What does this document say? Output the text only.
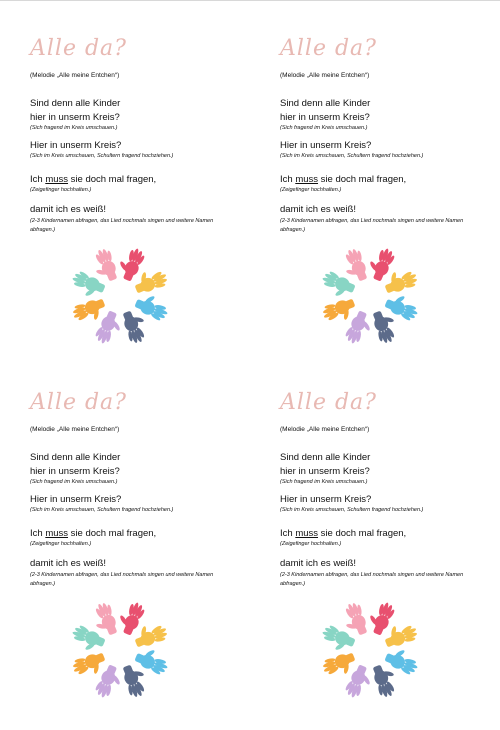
Alle da?
(Melodie „Alle meine Entchen“)
Sind denn alle Kinder
hier in unserm Kreis?
(Sich fragend im Kreis umschauen.)
Hier in unserm Kreis?
(Sich im Kreis umschauen, Schultern fragend hochziehen.)
Ich muss sie doch mal fragen,
(Zeigefinger hochhalten.)
damit ich es weiß!
(2-3 Kindernamen abfragen, das Lied nochmals singen und weitere Namen abfragen.)
Alle da?
(Melodie „Alle meine Entchen“)
Sind denn alle Kinder
hier in unserm Kreis?
(Sich fragend im Kreis umschauen.)
Hier in unserm Kreis?
(Sich im Kreis umschauen, Schultern fragend hochziehen.)
Ich muss sie doch mal fragen,
(Zeigefinger hochhalten.)
damit ich es weiß!
(2-3 Kindernamen abfragen, das Lied nochmals singen und weitere Namen abfragen.)
Alle da?
(Melodie „Alle meine Entchen“)
Sind denn alle Kinder
hier in unserm Kreis?
(Sich fragend im Kreis umschauen.)
Hier in unserm Kreis?
(Sich im Kreis umschauen, Schultern fragend hochziehen.)
Ich muss sie doch mal fragen,
(Zeigefinger hochhalten.)
damit ich es weiß!
(2-3 Kindernamen abfragen, das Lied nochmals singen und weitere Namen abfragen.)
Alle da?
(Melodie „Alle meine Entchen“)
Sind denn alle Kinder
hier in unserm Kreis?
(Sich fragend im Kreis umschauen.)
Hier in unserm Kreis?
(Sich im Kreis umschauen, Schultern fragend hochziehen.)
Ich muss sie doch mal fragen,
(Zeigefinger hochhalten.)
damit ich es weiß!
(2-3 Kindernamen abfragen, das Lied nochmals singen und weitere Namen abfragen.)
